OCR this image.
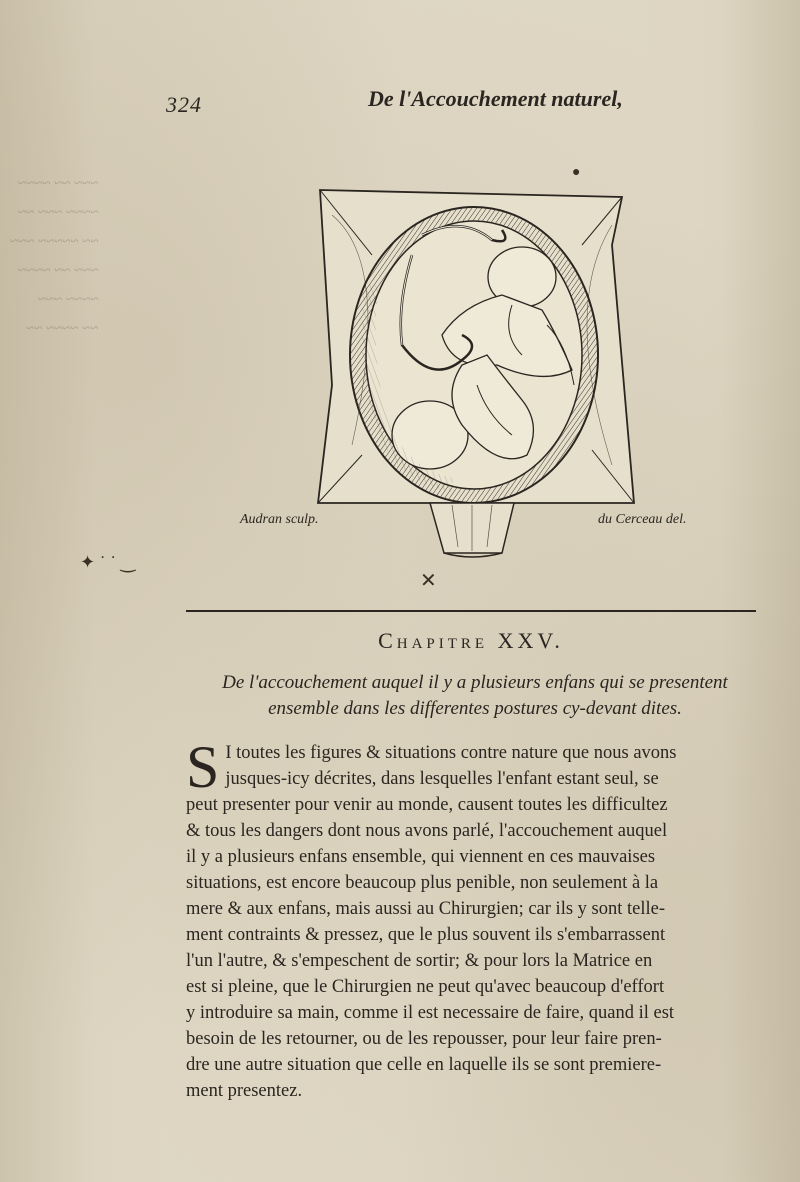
~~~ ~~ ~~~~
~~~~ ~~~ ~~
~~ ~~~~~ ~~~
~~~ ~~ ~~~~
~~~~ ~~~
~~ ~~~~ ~~
324	De l'Accouchement naturel,
Audran sculp.	du Cerceau del.
Chapitre XXV.
De l'accouchement auquel il y a plusieurs enfans qui se presentent
ensemble dans les differentes postures cy-devant dites.
S I toutes les figures & situations contre nature que nous avons
jusques-icy décrites, dans lesquelles l'enfant estant seul, se
peut presenter pour venir au monde, causent toutes les difficultez
& tous les dangers dont nous avons parlé, l'accouchement auquel
il y a plusieurs enfans ensemble, qui viennent en ces mauvaises
situations, est encore beaucoup plus penible, non seulement à la
mere & aux enfans, mais aussi au Chirurgien; car ils y sont telle-
ment contraints & pressez, que le plus souvent ils s'embarrassent
l'un l'autre, & s'empeschent de sortir; & pour lors la Matrice en
est si pleine, que le Chirurgien ne peut qu'avec beaucoup d'effort
y introduire sa main, comme il est necessaire de faire, quand il est
besoin de les retourner, ou de les repousser, pour leur faire pren-
dre une autre situation que celle en laquelle ils se sont premiere-
ment presentez.
✦ ˙ ˙ ‿
✕
●
